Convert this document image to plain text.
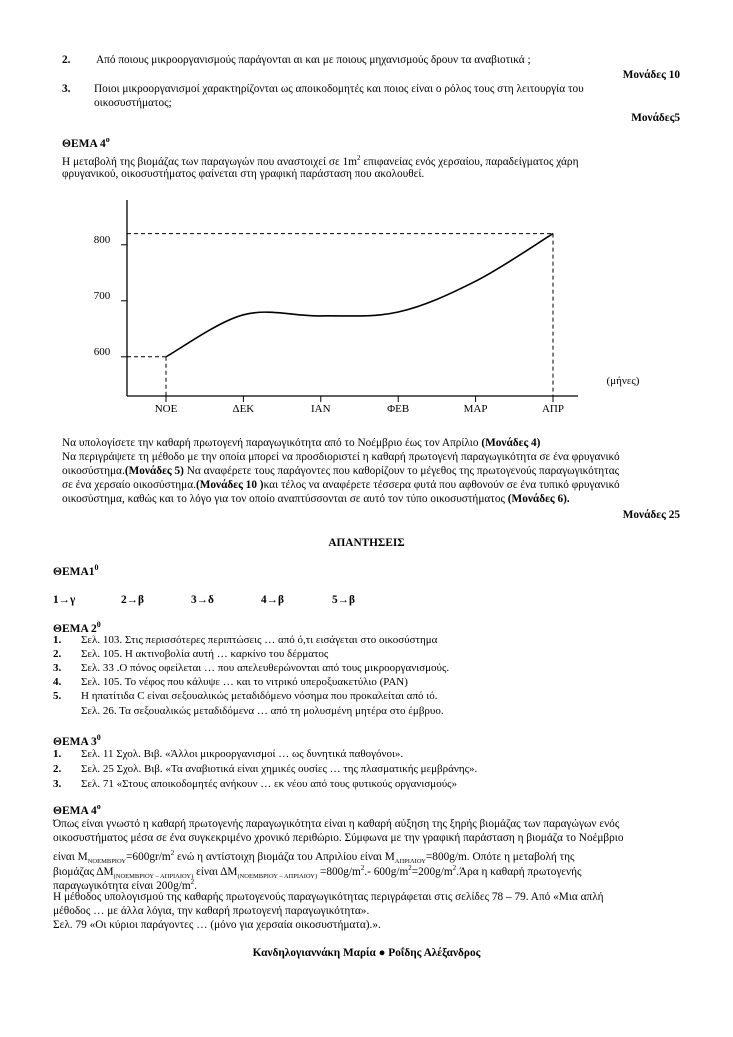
2. Από ποιους μικροοργανισμούς παράγονται αι και με ποιους μηχανισμούς δρουν τα αναβιοτικά ;
Μονάδες 10
3. Ποιοι μικροοργανισμοί χαρακτηρίζονται ως αποικοδομητές και ποιος είναι ο ρόλος τους στη λειτουργία του
οικοσυστήματος;
Μονάδες5
ΘΕΜΑ $4^o$
Η μεταβολή της βιομάζας των παραγωγών που αναστοιχεί σε $1m^2$ επιφανείας ενός χερσαίου, παραδείγματος χάρη
φρυγανικού, οικοσυστήματος φαίνεται στη γραφική παράσταση που ακολουθεί.
600
700
800
ΝΟΕ	ΔΕΚ	ΙΑΝ	ΦΕΒ	ΜΑΡ	ΑΠΡ
(μήνες)
Να υπολογίσετε την καθαρή πρωτογενή παραγωγικότητα από το Νοέμβριο έως τον Απρίλιο (Μονάδες 4)
Να περιγράψετε τη μέθοδο με την οποία μπορεί να προσδιοριστεί η καθαρή πρωτογενή παραγωγικότητα σε ένα φρυγανικό
οικοσύστημα.(Μονάδες 5) Να αναφέρετε τους παράγοντες που καθορίζουν το μέγεθος της πρωτογενούς παραγωγικότητας
σε ένα χερσαίο οικοσύστημα.(Μονάδες 10 )και τέλος να αναφέρετε τέσσερα φυτά που αφθονούν σε ένα τυπικό φρυγανικό
οικοσύστημα, καθώς και το λόγο για τον οποίο αναπτύσσονται σε αυτό τον τύπο οικοσυστήματος (Μονάδες 6).
Μονάδες 25
ΑΠΑΝΤΗΣΕΙΣ
$\Theta EMA1^0$
1→γ	2→β	3→δ	4→β	5→β
ΘΕΜΑ $2^0$
1. Σελ. 103. Στις περισσότερες περιπτώσεις … από ό,τι εισάγεται στο οικοσύστημα
2. Σελ. 105. Η ακτινοβολία αυτή … καρκίνο του δέρματος
3. Σελ. 33 .Ο πόνος οφείλεται … που απελευθερώνονται από τους μικροοργανισμούς.
4. Σελ. 105. Το νέφος που κάλυψε … και το νιτρικό υπεροξυακετύλιο (PAN)
5. Η ηπατίτιδα C είναι σεξουαλικώς μεταδιδόμενο νόσημα που προκαλείται από ιό.
Σελ. 26. Τα σεξουαλικώς μεταδιδόμενα … από τη μολυσμένη μητέρα στο έμβρυο.
ΘΕΜΑ $3^0$
1. Σελ. 11 Σχολ. Βιβ. «Άλλοι μικροοργανισμοί … ως δυνητικά παθογόνοι».
2. Σελ. 25 Σχολ. Βιβ. «Τα αναβιοτικά είναι χημικές ουσίες … της πλασματικής μεμβράνης».
3. Σελ. 71 «Στους αποικοδομητές ανήκουν … εκ νέου από τους φυτικούς οργανισμούς»
ΘΕΜΑ $4^o$
Όπως είναι γνωστό η καθαρή πρωτογενής παραγωγικότητα είναι η καθαρή αύξηση της ξηρής βιομάζας των παραγώγων ενός
οικοσυστήματος μέσα σε ένα συγκεκριμένο χρονικό περιθώριο. Σύμφωνα με την γραφική παράσταση η βιομάζα το Νοέμβριο
είναι $M_{NOEMBPIO\Upsilon}=600gr/m^2$ ενώ η αντίστοιχη βιομάζα του Απριλίου είναι $M_{A\Pi PI\Lambda IO\Upsilon}=800g/m$. Οπότε η μεταβολή της
βιομάζας $\Delta M_{(NOEMBPIO\Upsilon - A\Pi PI\Lambda IO\Upsilon)}$ είναι $\Delta M_{(NOEMBPIO\Upsilon - A\Pi PI\Lambda IO\Upsilon)} =800g/m^2.-$ $600g/m^2=200g/m^2.Ά\rho\alpha$ η καθαρή πρωτογενής
παραγωγικότητα είναι $200g/m^2$.
Η μέθοδος υπολογισμού της καθαρής πρωτογενούς παραγωγικότητας περιγράφεται στις σελίδες 78 – 79. Από «Μια απλή
μέθοδος … με άλλα λόγια, την καθαρή πρωτογενή παραγωγικότητα».
Σελ. 79 «Οι κύριοι παράγοντες … (μόνο για χερσαία οικοσυστήματα).».
Κανδηλογιαννάκη Μαρία ● Ροΐδης Αλέξανδρος
